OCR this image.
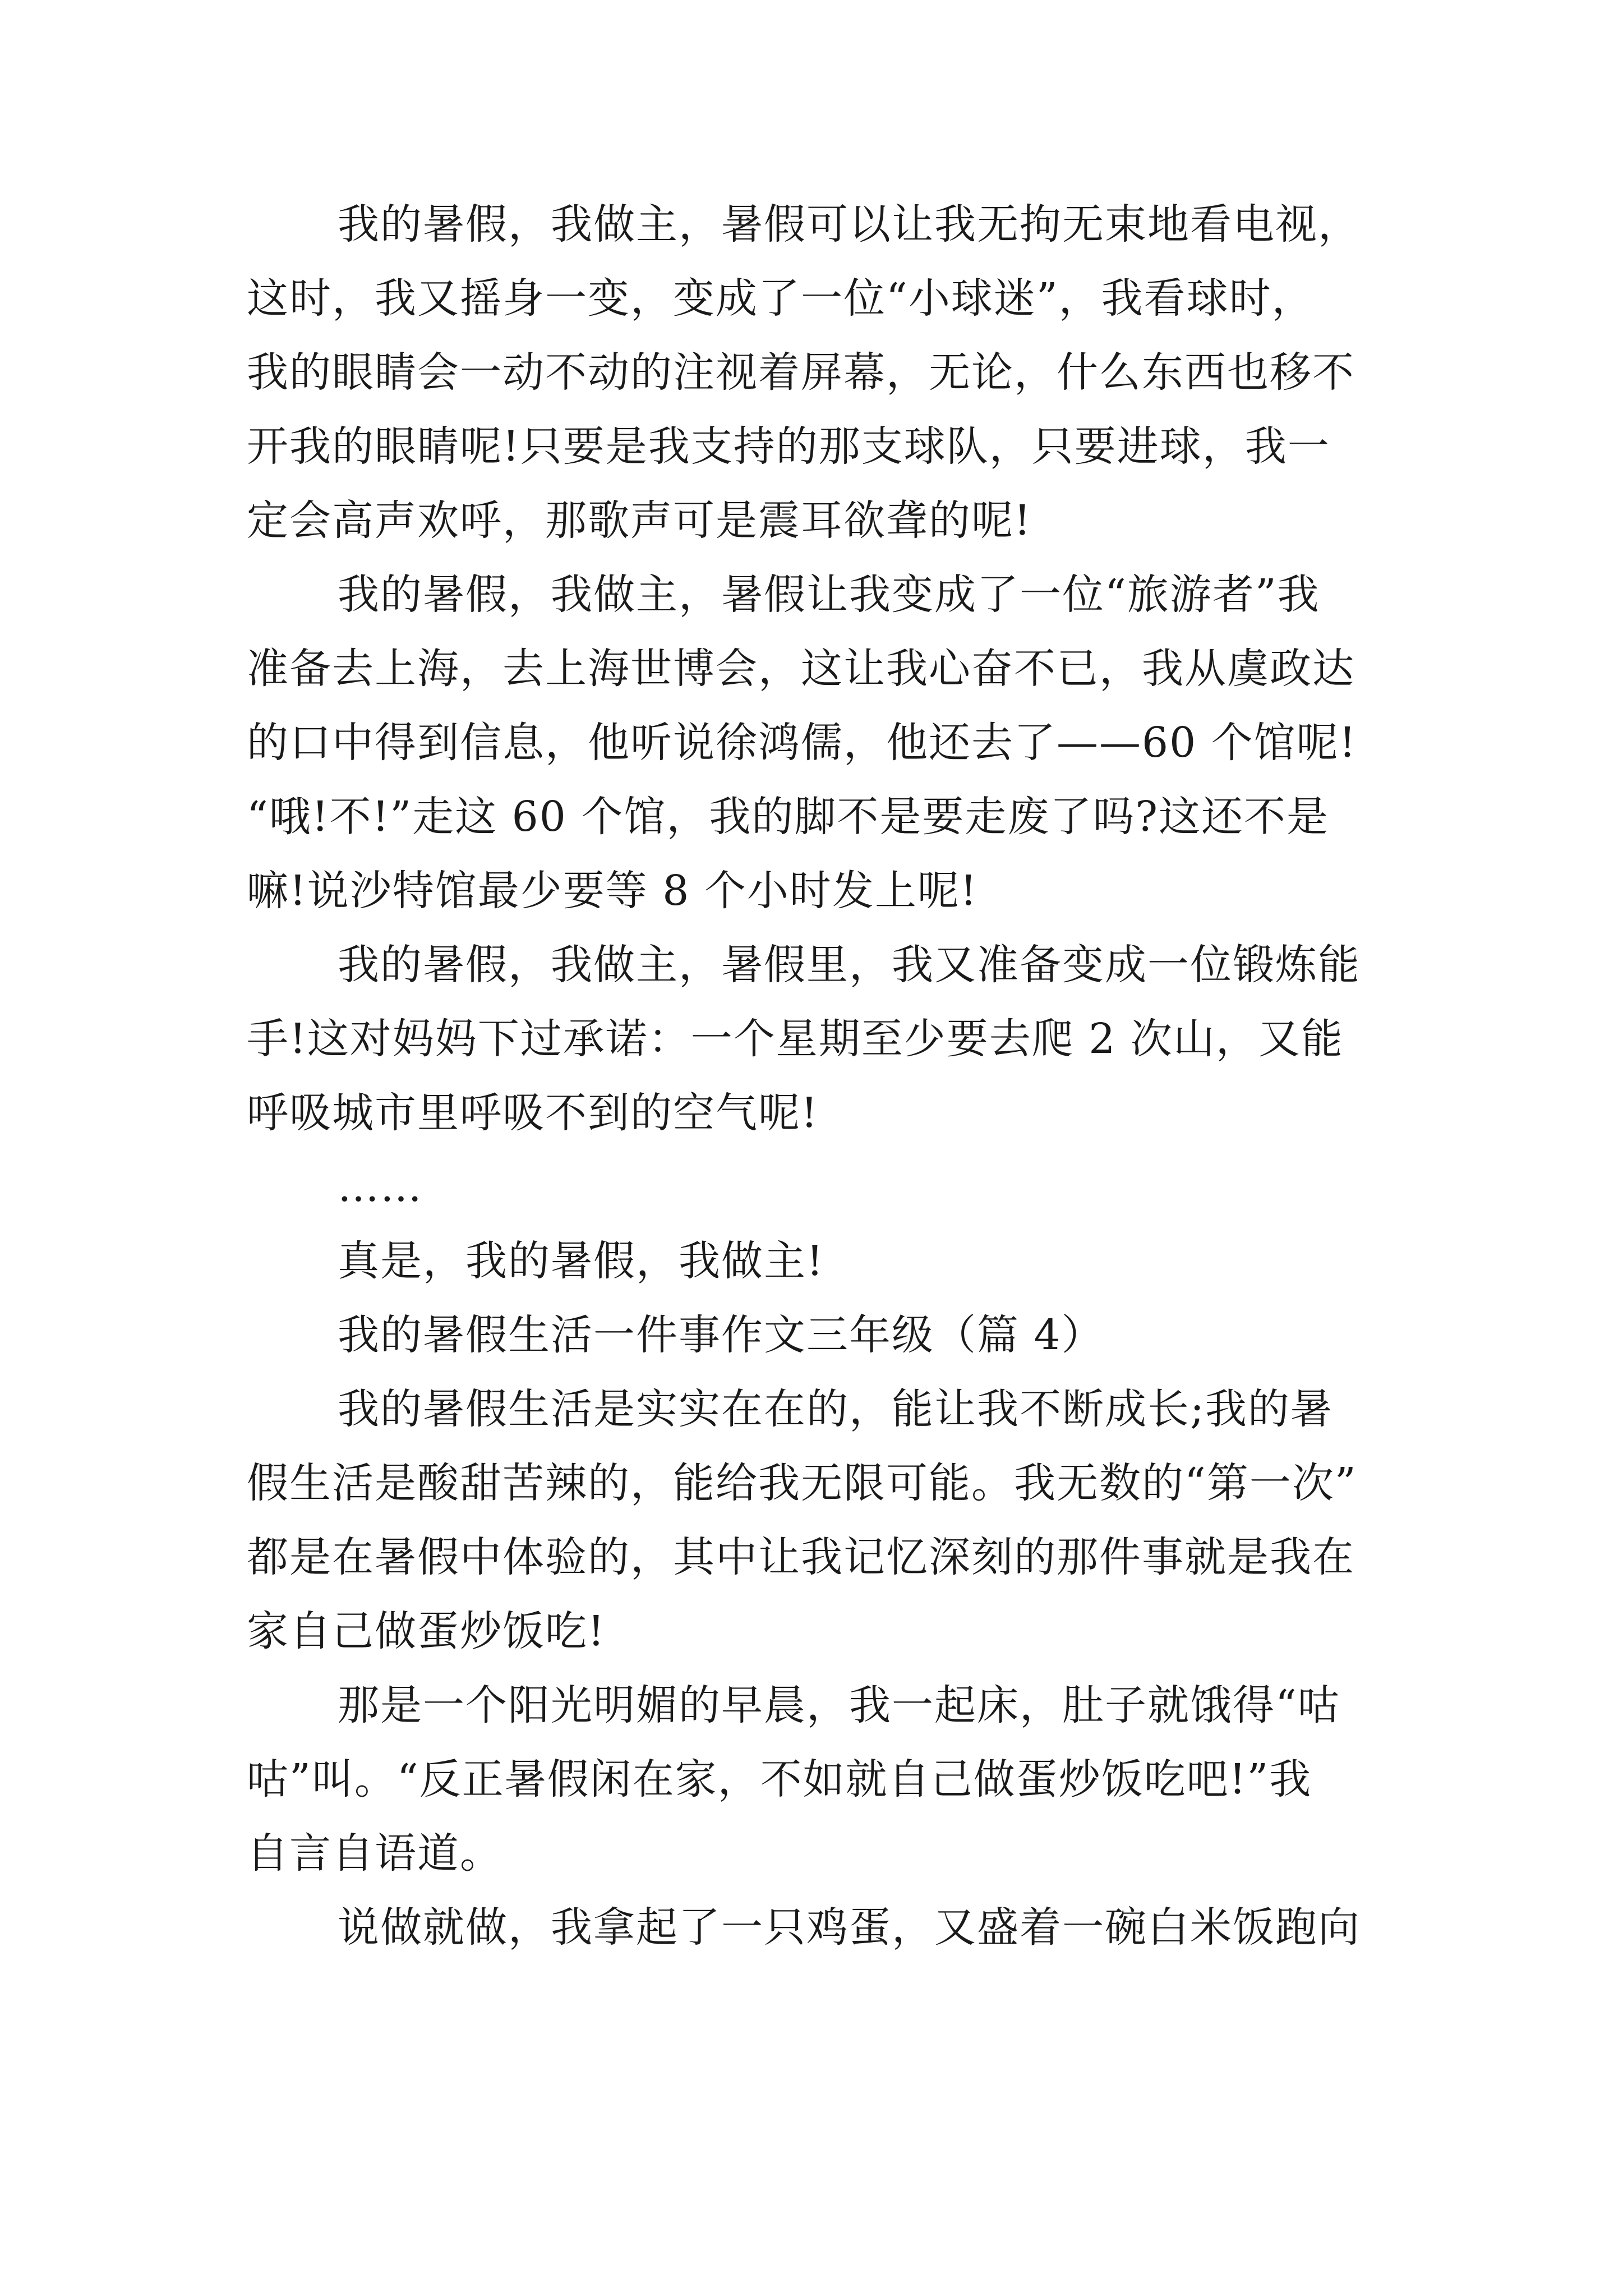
我的暑假，我做主，暑假可以让我无拘无束地看电视，
这时，我又摇身一变，变成了一位“小球迷”，我看球时，
我的眼睛会一动不动的注视着屏幕，无论，什么东西也移不
开我的眼睛呢!只要是我支持的那支球队，只要进球，我一
定会高声欢呼，那歌声可是震耳欲聋的呢!
我的暑假，我做主，暑假让我变成了一位“旅游者”我
准备去上海，去上海世博会，这让我心奋不已，我从虞政达
的口中得到信息，他听说徐鸿儒，他还去了——60 个馆呢!
“哦!不!”走这 60 个馆，我的脚不是要走废了吗?这还不是
嘛!说沙特馆最少要等 8 个小时发上呢!
我的暑假，我做主，暑假里，我又准备变成一位锻炼能
手!这对妈妈下过承诺：一个星期至少要去爬 2 次山，又能
呼吸城市里呼吸不到的空气呢!
……
真是，我的暑假，我做主!
我的暑假生活一件事作文三年级（篇 4）
我的暑假生活是实实在在的，能让我不断成长;我的暑
假生活是酸甜苦辣的，能给我无限可能。我无数的“第一次”
都是在暑假中体验的，其中让我记忆深刻的那件事就是我在
家自己做蛋炒饭吃!
那是一个阳光明媚的早晨，我一起床，肚子就饿得“咕
咕”叫。“反正暑假闲在家，不如就自己做蛋炒饭吃吧!”我
自言自语道。
说做就做，我拿起了一只鸡蛋，又盛着一碗白米饭跑向
